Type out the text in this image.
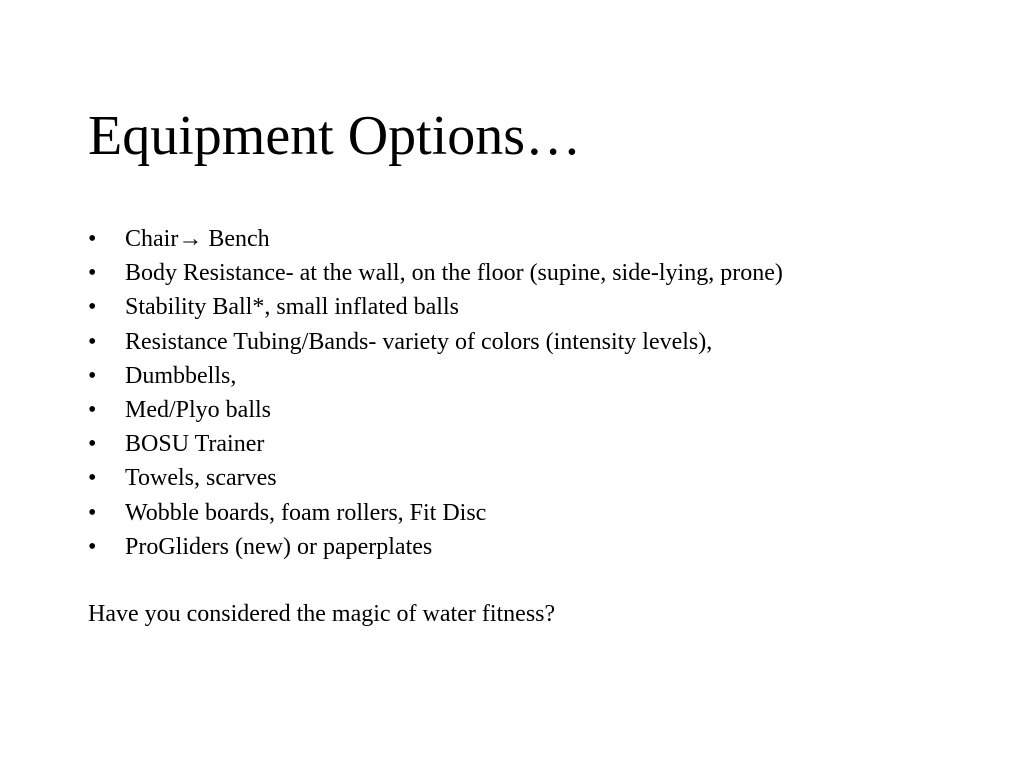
Equipment Options…
•	Chair→ Bench
•	Body Resistance- at the wall, on the floor (supine, side-lying, prone)
•	Stability Ball*, small inflated balls
•	Resistance Tubing/Bands- variety of colors (intensity levels),
•	Dumbbells,
•	Med/Plyo balls
•	BOSU Trainer
•	Towels, scarves
•	Wobble boards, foam rollers, Fit Disc
•	ProGliders (new) or paperplates

Have you considered the magic of water fitness?
